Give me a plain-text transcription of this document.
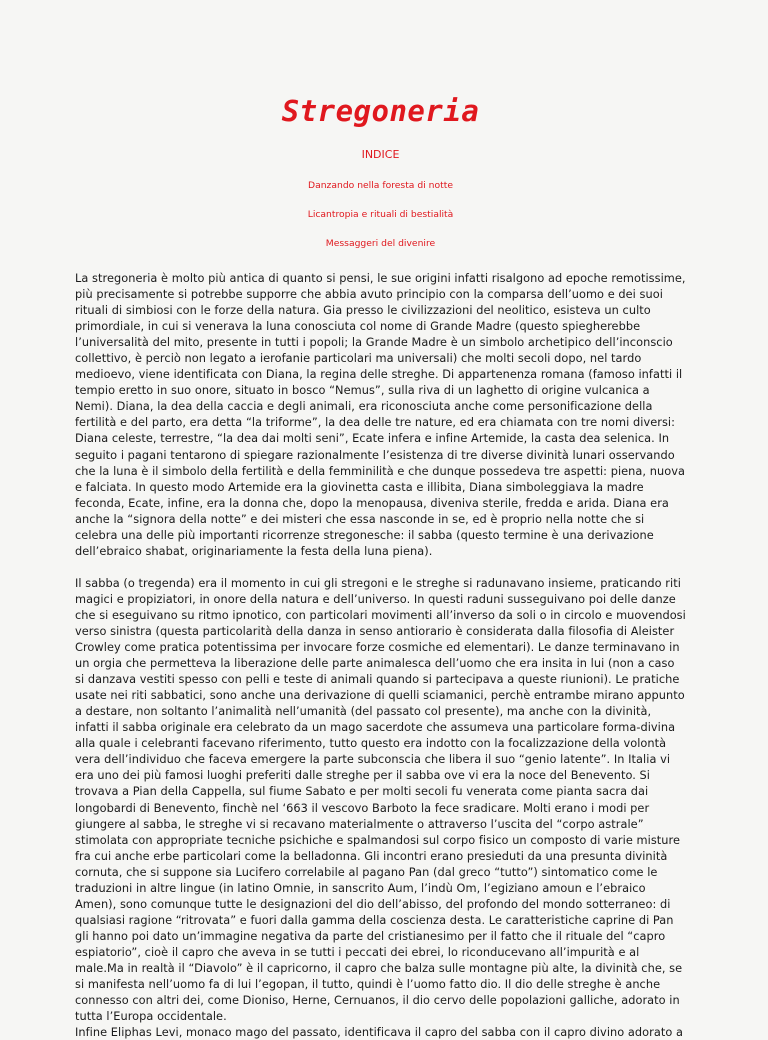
Stregoneria
INDICE
Danzando nella foresta di notte
Licantropia e rituali di bestialità
Messaggeri del divenire

La stregoneria è molto più antica di quanto si pensi, le sue origini infatti risalgono ad epoche remotissime, più precisamente si potrebbe supporre che abbia avuto principio con la comparsa dell’uomo e dei suoi rituali di simbiosi con le forze della natura. Gia presso le civilizzazioni del neolitico, esisteva un culto primordiale, in cui si venerava la luna conosciuta col nome di Grande Madre (questo spiegherebbe l’universalità del mito, presente in tutti i popoli; la Grande Madre è un simbolo archetipico dell’inconscio collettivo, è perciò non legato a ierofanie particolari ma universali) che molti secoli dopo, nel tardo medioevo, viene identificata con Diana, la regina delle streghe. Di appartenenza romana (famoso infatti il tempio eretto in suo onore, situato in bosco “Nemus”, sulla riva di un laghetto di origine vulcanica a Nemi). Diana, la dea della caccia e degli animali, era riconosciuta anche come personificazione della fertilità e del parto, era detta “la triforme”, la dea delle tre nature, ed era chiamata con tre nomi diversi: Diana celeste, terrestre, “la dea dai molti seni”, Ecate infera e infine Artemide, la casta dea selenica. In seguito i pagani tentarono di spiegare razionalmente l’esistenza di tre diverse divinità lunari osservando che la luna è il simbolo della fertilità e della femminilità e che dunque possedeva tre aspetti: piena, nuova e falciata. In questo modo Artemide era la giovinetta casta e illibita, Diana simboleggiava la madre feconda, Ecate, infine, era la donna che, dopo la menopausa, diveniva sterile, fredda e arida. Diana era anche la “signora della notte” e dei misteri che essa nasconde in se, ed è proprio nella notte che si celebra una delle più importanti ricorrenze stregonesche: il sabba (questo termine è una derivazione dell’ebraico shabat, originariamente la festa della luna piena).

Il sabba (o tregenda) era il momento in cui gli stregoni e le streghe si radunavano insieme, praticando riti magici e propiziatori, in onore della natura e dell’universo. In questi raduni susseguivano poi delle danze che si eseguivano su ritmo ipnotico, con particolari movimenti all’inverso da soli o in circolo e muovendosi verso sinistra (questa particolarità della danza in senso antiorario è considerata dalla filosofia di Aleister Crowley come pratica potentissima per invocare forze cosmiche ed elementari). Le danze terminavano in un orgia che permetteva la liberazione delle parte animalesca dell’uomo che era insita in lui (non a caso si danzava vestiti spesso con pelli e teste di animali quando si partecipava a queste riunioni). Le pratiche usate nei riti sabbatici, sono anche una derivazione di quelli sciamanici, perchè entrambe mirano appunto a destare, non soltanto l’animalità nell’umanità (del passato col presente), ma anche con la divinità, infatti il sabba originale era celebrato da un mago sacerdote che assumeva una particolare forma-divina alla quale i celebranti facevano riferimento, tutto questo era indotto con la focalizzazione della volontà vera dell’individuo che faceva emergere la parte subconscia che libera il suo “genio latente”. In Italia vi era uno dei più famosi luoghi preferiti dalle streghe per il sabba ove vi era la noce del Benevento. Si trovava a Pian della Cappella, sul fiume Sabato e per molti secoli fu venerata come pianta sacra dai longobardi di Benevento, finchè nel ‘663 il vescovo Barboto la fece sradicare. Molti erano i modi per giungere al sabba, le streghe vi si recavano materialmente o attraverso l’uscita del “corpo astrale” stimolata con appropriate tecniche psichiche e spalmandosi sul corpo fisico un composto di varie misture fra cui anche erbe particolari come la belladonna. Gli incontri erano presieduti da una presunta divinità cornuta, che si suppone sia Lucifero correlabile al pagano Pan (dal greco “tutto”) sintomatico come le traduzioni in altre lingue (in latino Omnie, in sanscrito Aum, l’indù Om, l’egiziano amoun e l’ebraico Amen), sono comunque tutte le designazioni del dio dell’abisso, del profondo del mondo sotterraneo: di qualsiasi ragione “ritrovata” e fuori dalla gamma della coscienza desta. Le caratteristiche caprine di Pan gli hanno poi dato un’immagine negativa da parte del cristianesimo per il fatto che il rituale del “capro espiatorio”, cioè il capro che aveva in se tutti i peccati dei ebrei, lo riconducevano all’impurità e al male.Ma in realtà il “Diavolo” è il capricorno, il capro che balza sulle montagne più alte, la divinità che, se si manifesta nell’uomo fa di lui l’egopan, il tutto, quindi è l’uomo fatto dio. Il dio delle streghe è anche connesso con altri dei, come Dioniso, Herne, Cernuanos, il dio cervo delle popolazioni galliche, adorato in tutta l’Europa occidentale.

Infine Eliphas Levi, monaco mago del passato, identificava il capro del sabba con il capro divino adorato a
